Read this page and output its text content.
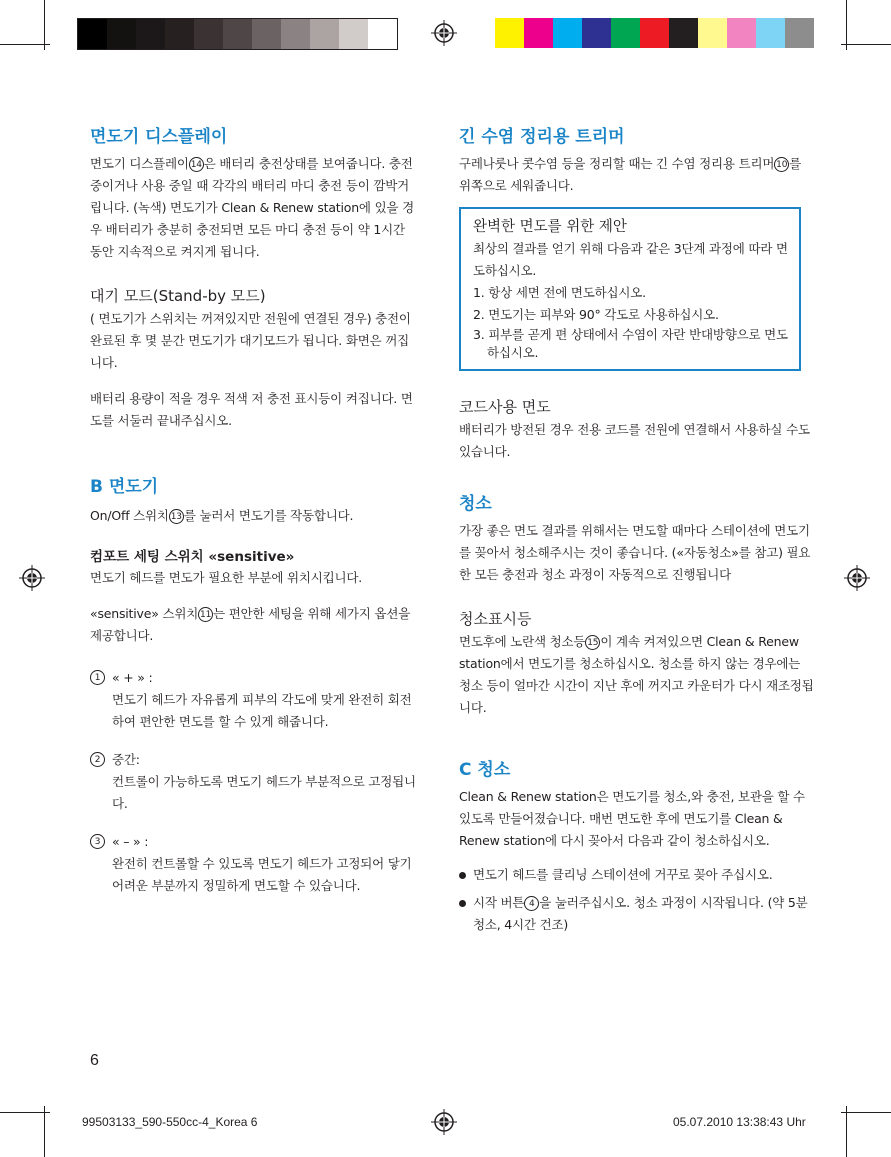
면도기 디스플레이

면도기 디스플레이 14 은 배터리 충전상태를 보여줍니다. 충전 중이거나 사용 중일 때 각각의 배터리 마디 충전 등이 깜박거립니다. (녹색) 면도기가 Clean & Renew station에 있을 경우 배터리가 충분히 충전되면 모든 마디 충전 등이 약 1시간 동안 지속적으로 켜지게 됩니다.

대기 모드(Stand-by 모드)

( 면도기가 스위치는 꺼져있지만 전원에 연결된 경우) 충전이 완료된 후 몇 분간 면도기가 대기모드가 됩니다. 화면은 꺼집니다.

배터리 용량이 적을 경우 적색 저 충전 표시등이 켜집니다. 면도를 서둘러 끝내주십시오.

B 면도기

On/Off 스위치 13 를 눌러서 면도기를 작동합니다.

컴포트 세팅 스위치 «sensitive»

면도기 헤드를 면도가 필요한 부분에 위치시킵니다.

«sensitive» 스위치 11 는 편안한 세팅을 위해 세가지 옵션을 제공합니다.

1 « + » :
면도기 헤드가 자유롭게 피부의 각도에 맞게 완전히 회전하여 편안한 면도를 할 수 있게 해줍니다.
2 중간:
컨트롤이 가능하도록 면도기 헤드가 부분적으로 고정됩니다.
3 « – » :
완전히 컨트롤할 수 있도록 면도기 헤드가 고정되어 닿기 어려운 부분까지 정밀하게 면도할 수 있습니다.
긴 수염 정리용 트리머

구레나룻나 콧수염 등을 정리할 때는 긴 수염 정리용 트리머 10 를 위쪽으로 세워줍니다.

완벽한 면도를 위한 제안

최상의 결과를 얻기 위해 다음과 같은 3단계 과정에 따라 면도하십시오.

1. 항상 세면 전에 면도하십시오.

2. 면도기는 피부와 90° 각도로 사용하십시오.

3. 피부를 곧게 편 상태에서 수염이 자란 반대방향으로 면도하십시오.

코드사용 면도

배터리가 방전된 경우 전용 코드를 전원에 연결해서 사용하실 수도 있습니다.

청소

가장 좋은 면도 결과를 위해서는 면도할 때마다 스테이션에 면도기를 꽂아서 청소해주시는 것이 좋습니다. («자동청소»를 참고) 필요한 모든 충전과 청소 과정이 자동적으로 진행됩니다

청소표시등

면도후에 노란색 청소등 15 이 계속 켜져있으면 Clean & Renew station에서 면도기를 청소하십시오. 청소를 하지 않는 경우에는 청소 등이 얼마간 시간이 지난 후에 꺼지고 카운터가 다시 재조정됩니다.

C 청소

Clean & Renew station은 면도기를 청소,와 충전, 보관을 할 수 있도록 만들어졌습니다. 매번 면도한 후에 면도기를 Clean & Renew station에 다시 꽂아서 다음과 같이 청소하십시오.

면도기 헤드를 클리닝 스테이션에 거꾸로 꽂아 주십시오.
시작 버튼 4 을 눌러주십시오. 청소 과정이 시작됩니다. (약 5분 청소, 4시간 건조)
6
99503133_590-550cc-4_Korea 6	05.07.2010 13:38:43 Uhr
